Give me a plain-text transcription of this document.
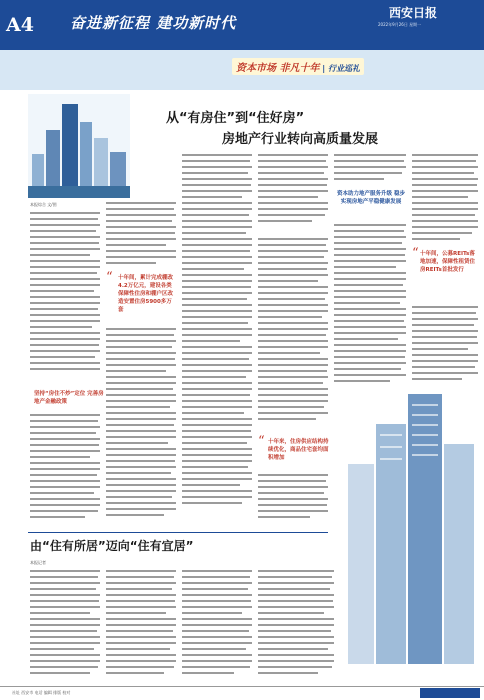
A4	奋进新征程 建功新时代
西安日报
2022年9月26日 星期一
资本市场 非凡十年 | 行业巡礼
从“有房住”到“住好房”
房地产行业转向高质量发展
本报综合 文/图
坚持“房住不炒”定位 完善房地产金融政策
“ 十年间，累计完成棚改4.2万亿元，建设各类保障性住房和棚户区改造安置住房5900多万套
“ 十年来，住房供应结构持续优化，商品住宅套均面积增加
资本助力地产服务升级 稳步实现房地产平稳健康发展
“ 十年间，公募REITs落地加速，保障性租赁住房REITs首批发行
由“住有所居”迈向“住有宜居”
本报记者
社址 西安市 电话 编辑 排版 校对
